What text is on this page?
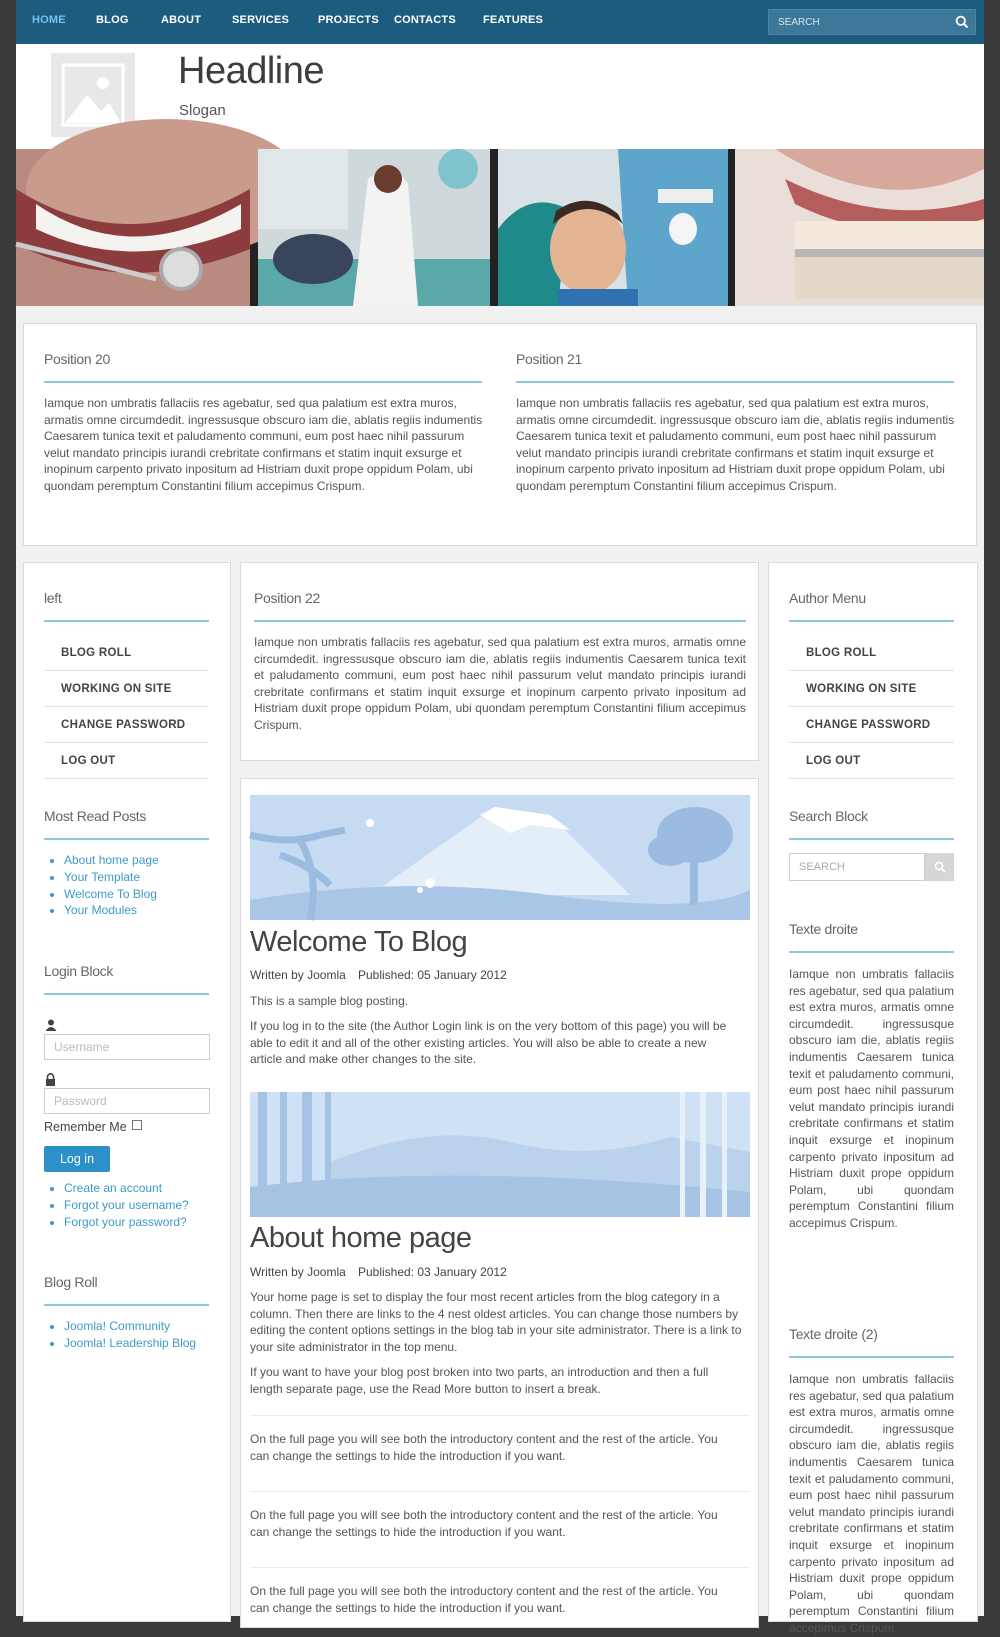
HOME	BLOG	ABOUT	SERVICES	PROJECTS CONTACTS FEATURES	SEARCH
Headline
Slogan
Position 20
Iamque non umbratis fallaciis res agebatur, sed qua palatium est extra muros, armatis omne circumdedit. ingressusque obscuro iam die, ablatis regiis indumentis Caesarem tunica texit et paludamento communi, eum post haec nihil passurum velut mandato principis iurandi crebritate confirmans et statim inquit exsurge et inopinum carpento privato inpositum ad Histriam duxit prope oppidum Polam, ubi quondam peremptum Constantini filium accepimus Crispum.
Position 21
Iamque non umbratis fallaciis res agebatur, sed qua palatium est extra muros, armatis omne circumdedit. ingressusque obscuro iam die, ablatis regiis indumentis Caesarem tunica texit et paludamento communi, eum post haec nihil passurum velut mandato principis iurandi crebritate confirmans et statim inquit exsurge et inopinum carpento privato inpositum ad Histriam duxit prope oppidum Polam, ubi quondam peremptum Constantini filium accepimus Crispum.
left
BLOG ROLL
WORKING ON SITE
CHANGE PASSWORD
LOG OUT
Most Read Posts
• About home page
• Your Template
• Welcome To Blog
• Your Modules
Login Block
Username
Password
Remember Me
Log in
• Create an account
• Forgot your username?
• Forgot your password?
Blog Roll
• Joomla! Community
• Joomla! Leadership Blog
Position 22
Iamque non umbratis fallaciis res agebatur, sed qua palatium est extra muros, armatis omne circumdedit. ingressusque obscuro iam die, ablatis regiis indumentis Caesarem tunica texit et paludamento communi, eum post haec nihil passurum velut mandato principis iurandi crebritate confirmans et statim inquit exsurge et inopinum carpento privato inpositum ad Histriam duxit prope oppidum Polam, ubi quondam peremptum Constantini filium accepimus Crispum.
Welcome To Blog
Written by Joomla Published: 05 January 2012
This is a sample blog posting.
If you log in to the site (the Author Login link is on the very bottom of this page) you will be able to edit it and all of the other existing articles. You will also be able to create a new article and make other changes to the site.
About home page
Written by Joomla Published: 03 January 2012
Your home page is set to display the four most recent articles from the blog category in a column. Then there are links to the 4 nest oldest articles. You can change those numbers by editing the content options settings in the blog tab in your site administrator. There is a link to your site administrator in the top menu.
If you want to have your blog post broken into two parts, an introduction and then a full length separate page, use the Read More button to insert a break.
On the full page you will see both the introductory content and the rest of the article. You can change the settings to hide the introduction if you want.
On the full page you will see both the introductory content and the rest of the article. You can change the settings to hide the introduction if you want.
On the full page you will see both the introductory content and the rest of the article. You can change the settings to hide the introduction if you want.
Author Menu
BLOG ROLL
WORKING ON SITE
CHANGE PASSWORD
LOG OUT
Search Block
SEARCH
Texte droite
Iamque non umbratis fallaciis res agebatur, sed qua palatium est extra muros, armatis omne circumdedit. ingressusque obscuro iam die, ablatis regiis indumentis Caesarem tunica texit et paludamento communi, eum post haec nihil passurum velut mandato principis iurandi crebritate confirmans et statim inquit exsurge et inopinum carpento privato inpositum ad Histriam duxit prope oppidum Polam, ubi quondam peremptum Constantini filium accepimus Crispum.
Texte droite (2)
Iamque non umbratis fallaciis res agebatur, sed qua palatium est extra muros, armatis omne circumdedit. ingressusque obscuro iam die, ablatis regiis indumentis Caesarem tunica texit et paludamento communi, eum post haec nihil passurum velut mandato principis iurandi crebritate confirmans et statim inquit exsurge et inopinum carpento privato inpositum ad Histriam duxit prope oppidum Polam, ubi quondam peremptum Constantini filium accepimus Crispum.
